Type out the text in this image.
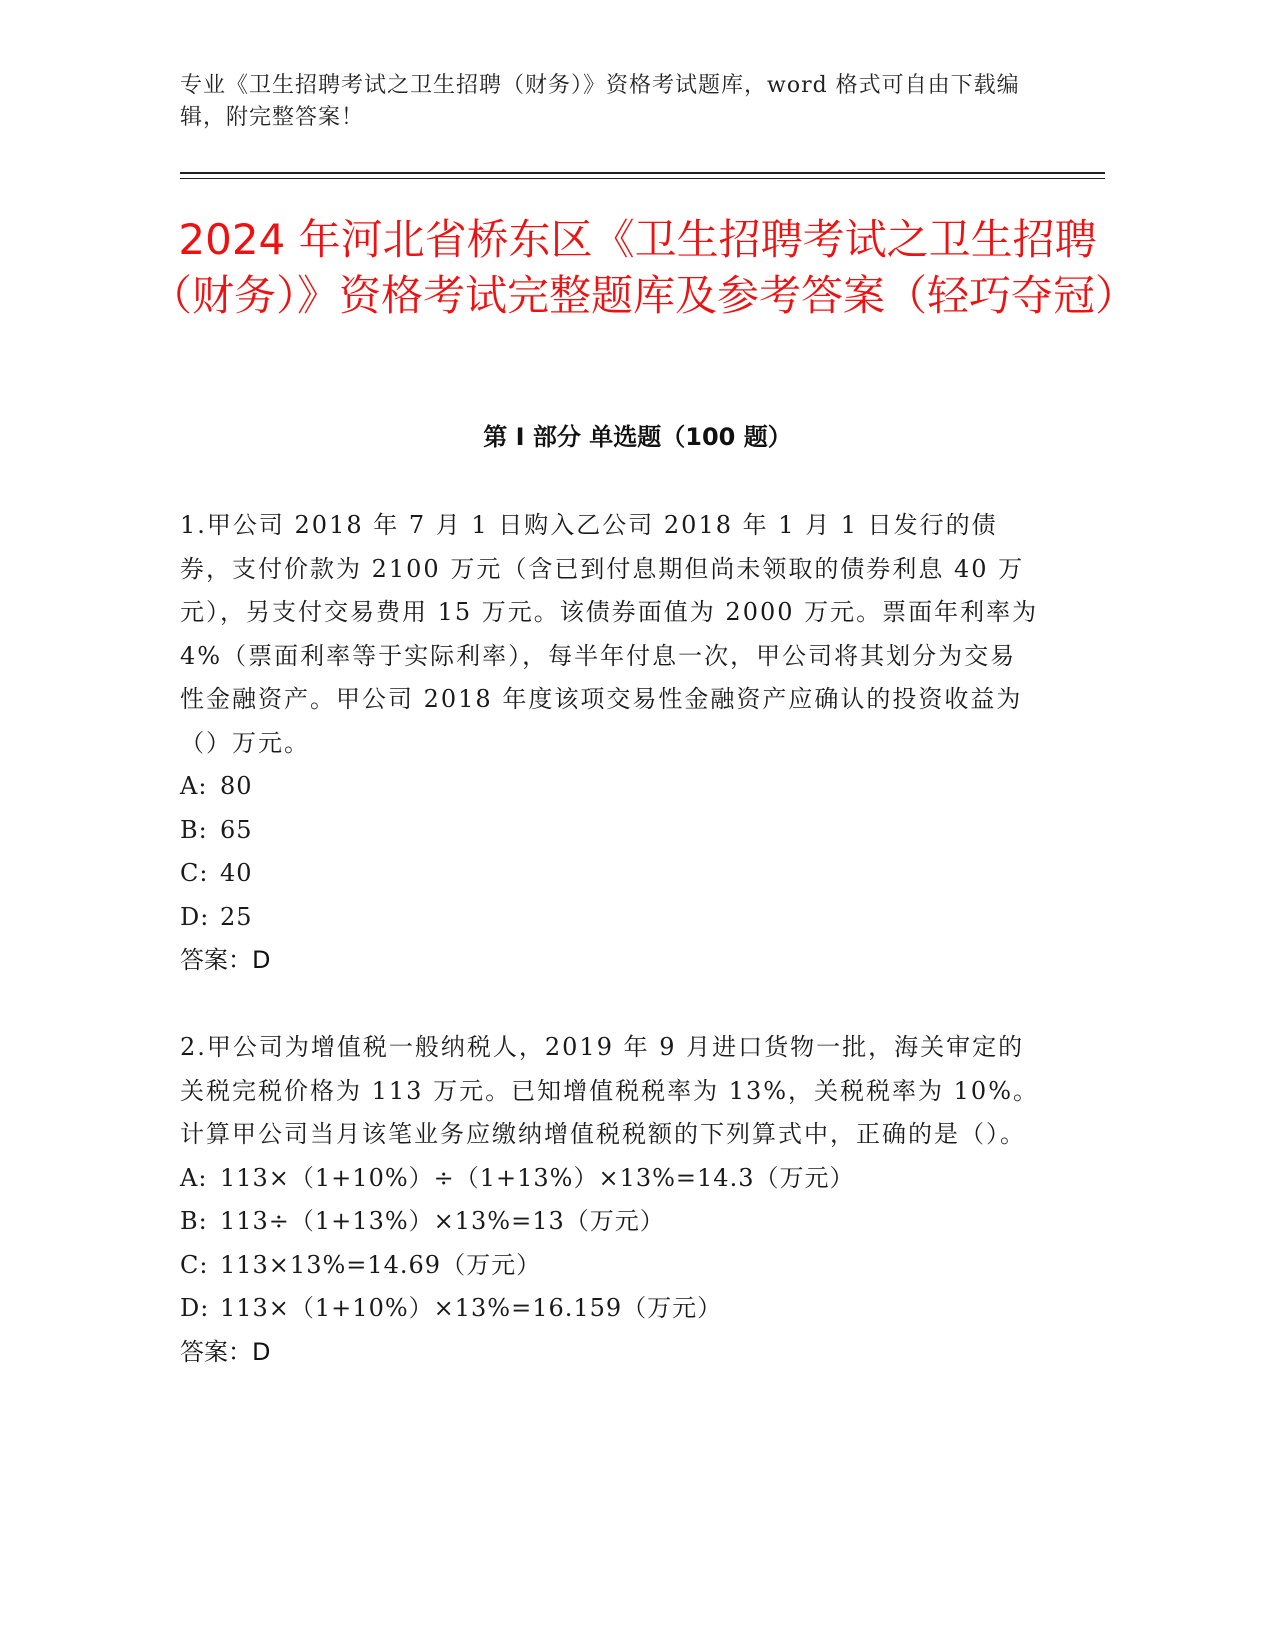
专业《卫生招聘考试之卫生招聘（财务）》资格考试题库，word 格式可自由下载编辑，附完整答案！
2024 年河北省桥东区《卫生招聘考试之卫生招聘（财务）》资格考试完整题库及参考答案（轻巧夺冠）
第 I 部分 单选题（100 题）
1.甲公司 2018 年 7 月 1 日购入乙公司 2018 年 1 月 1 日发行的债券，支付价款为 2100 万元（含已到付息期但尚未领取的债券利息 40 万元），另支付交易费用 15 万元。该债券面值为 2000 万元。票面年利率为 4%（票面利率等于实际利率），每半年付息一次，甲公司将其划分为交易性金融资产。甲公司 2018 年度该项交易性金融资产应确认的投资收益为（）万元。
A: 80
B: 65
C: 40
D: 25
答案：D
2.甲公司为增值税一般纳税人，2019 年 9 月进口货物一批，海关审定的关税完税价格为 113 万元。已知增值税税率为 13%，关税税率为 10%。计算甲公司当月该笔业务应缴纳增值税税额的下列算式中，正确的是（）。
A: 113×（1+10%）÷（1+13%）×13%=14.3（万元）
B: 113÷（1+13%）×13%=13（万元）
C: 113×13%=14.69（万元）
D: 113×（1+10%）×13%=16.159（万元）
答案：D
